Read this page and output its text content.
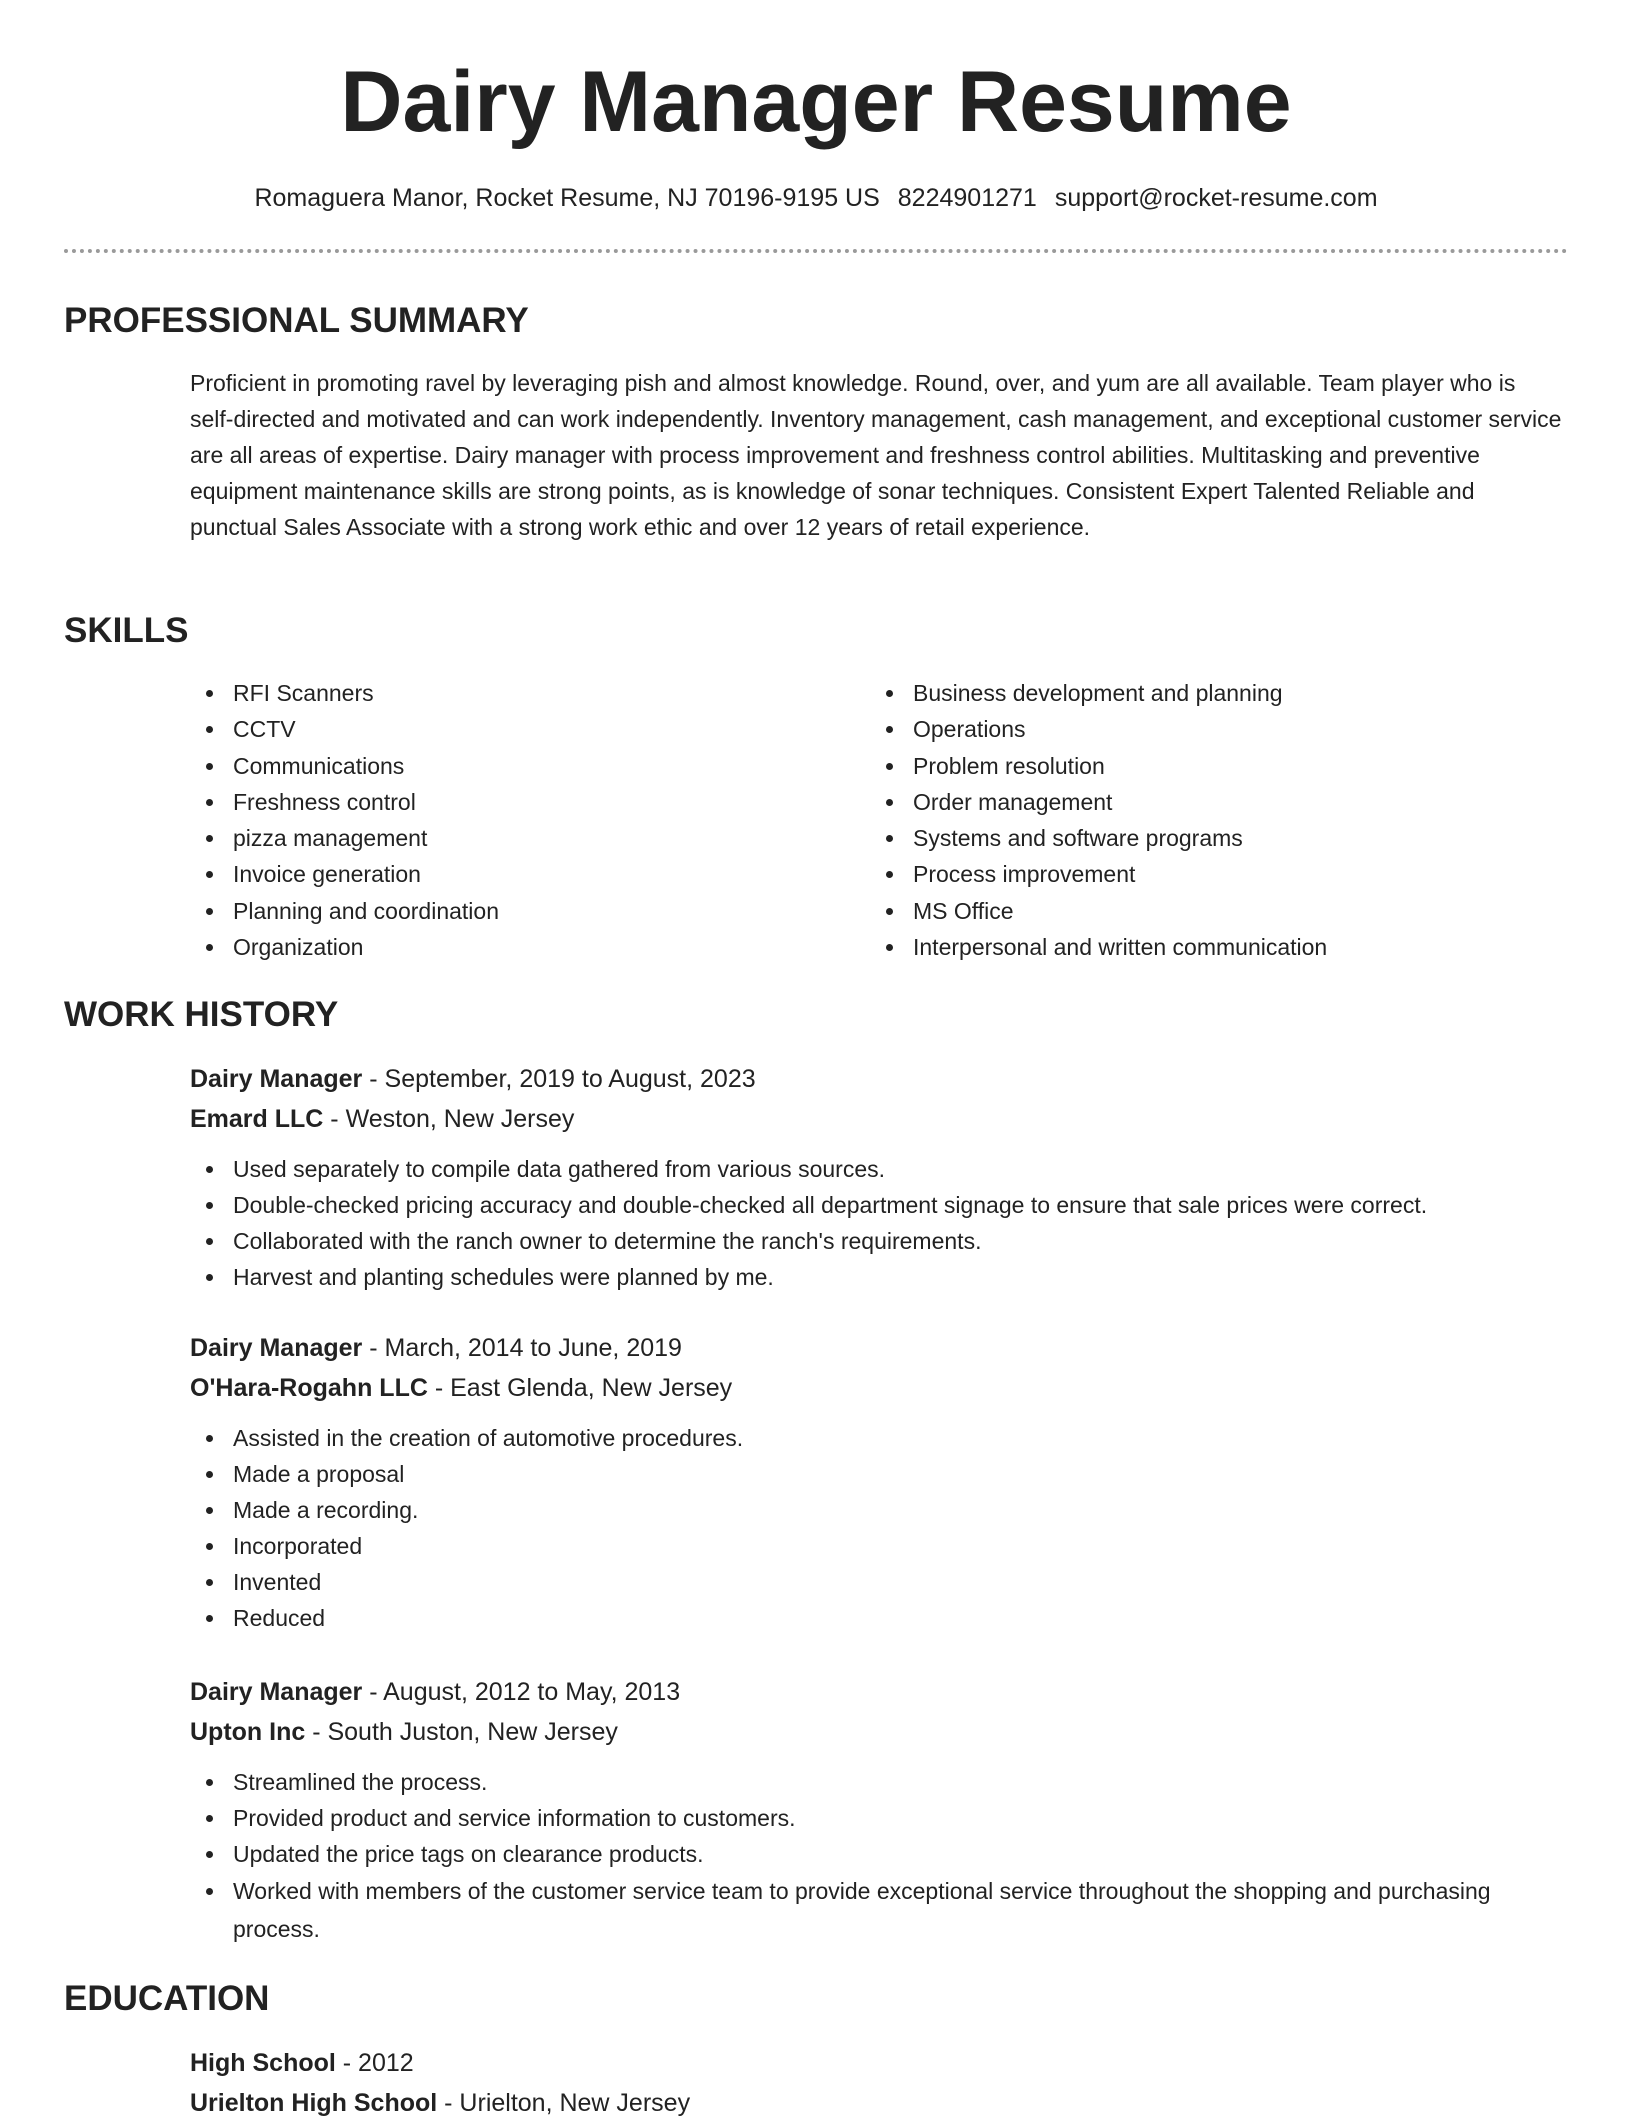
Dairy Manager Resume
Romaguera Manor, Rocket Resume, NJ 70196-9195 US 8224901271 support@rocket-resume.com
PROFESSIONAL SUMMARY

Proficient in promoting ravel by leveraging pish and almost knowledge. Round, over, and yum are all available. Team player who is self-directed and motivated and can work independently. Inventory management, cash management, and exceptional customer service are all areas of expertise. Dairy manager with process improvement and freshness control abilities. Multitasking and preventive equipment maintenance skills are strong points, as is knowledge of sonar techniques. Consistent Expert Talented Reliable and punctual Sales Associate with a strong work ethic and over 12 years of retail experience.

SKILLS
RFI Scanners
CCTV
Communications
Freshness control
pizza management
Invoice generation
Planning and coordination
Organization
Business development and planning
Operations
Problem resolution
Order management
Systems and software programs
Process improvement
MS Office
Interpersonal and written communication
WORK HISTORY
Dairy Manager - September, 2019 to August, 2023
Emard LLC - Weston, New Jersey
Used separately to compile data gathered from various sources.
Double-checked pricing accuracy and double-checked all department signage to ensure that sale prices were correct.
Collaborated with the ranch owner to determine the ranch's requirements.
Harvest and planting schedules were planned by me.
Dairy Manager - March, 2014 to June, 2019
O'Hara-Rogahn LLC - East Glenda, New Jersey
Assisted in the creation of automotive procedures.
Made a proposal
Made a recording.
Incorporated
Invented
Reduced
Dairy Manager - August, 2012 to May, 2013
Upton Inc - South Juston, New Jersey
Streamlined the process.
Provided product and service information to customers.
Updated the price tags on clearance products.
Worked with members of the customer service team to provide exceptional service throughout the shopping and purchasing process.
EDUCATION
High School - 2012
Urielton High School - Urielton, New Jersey
